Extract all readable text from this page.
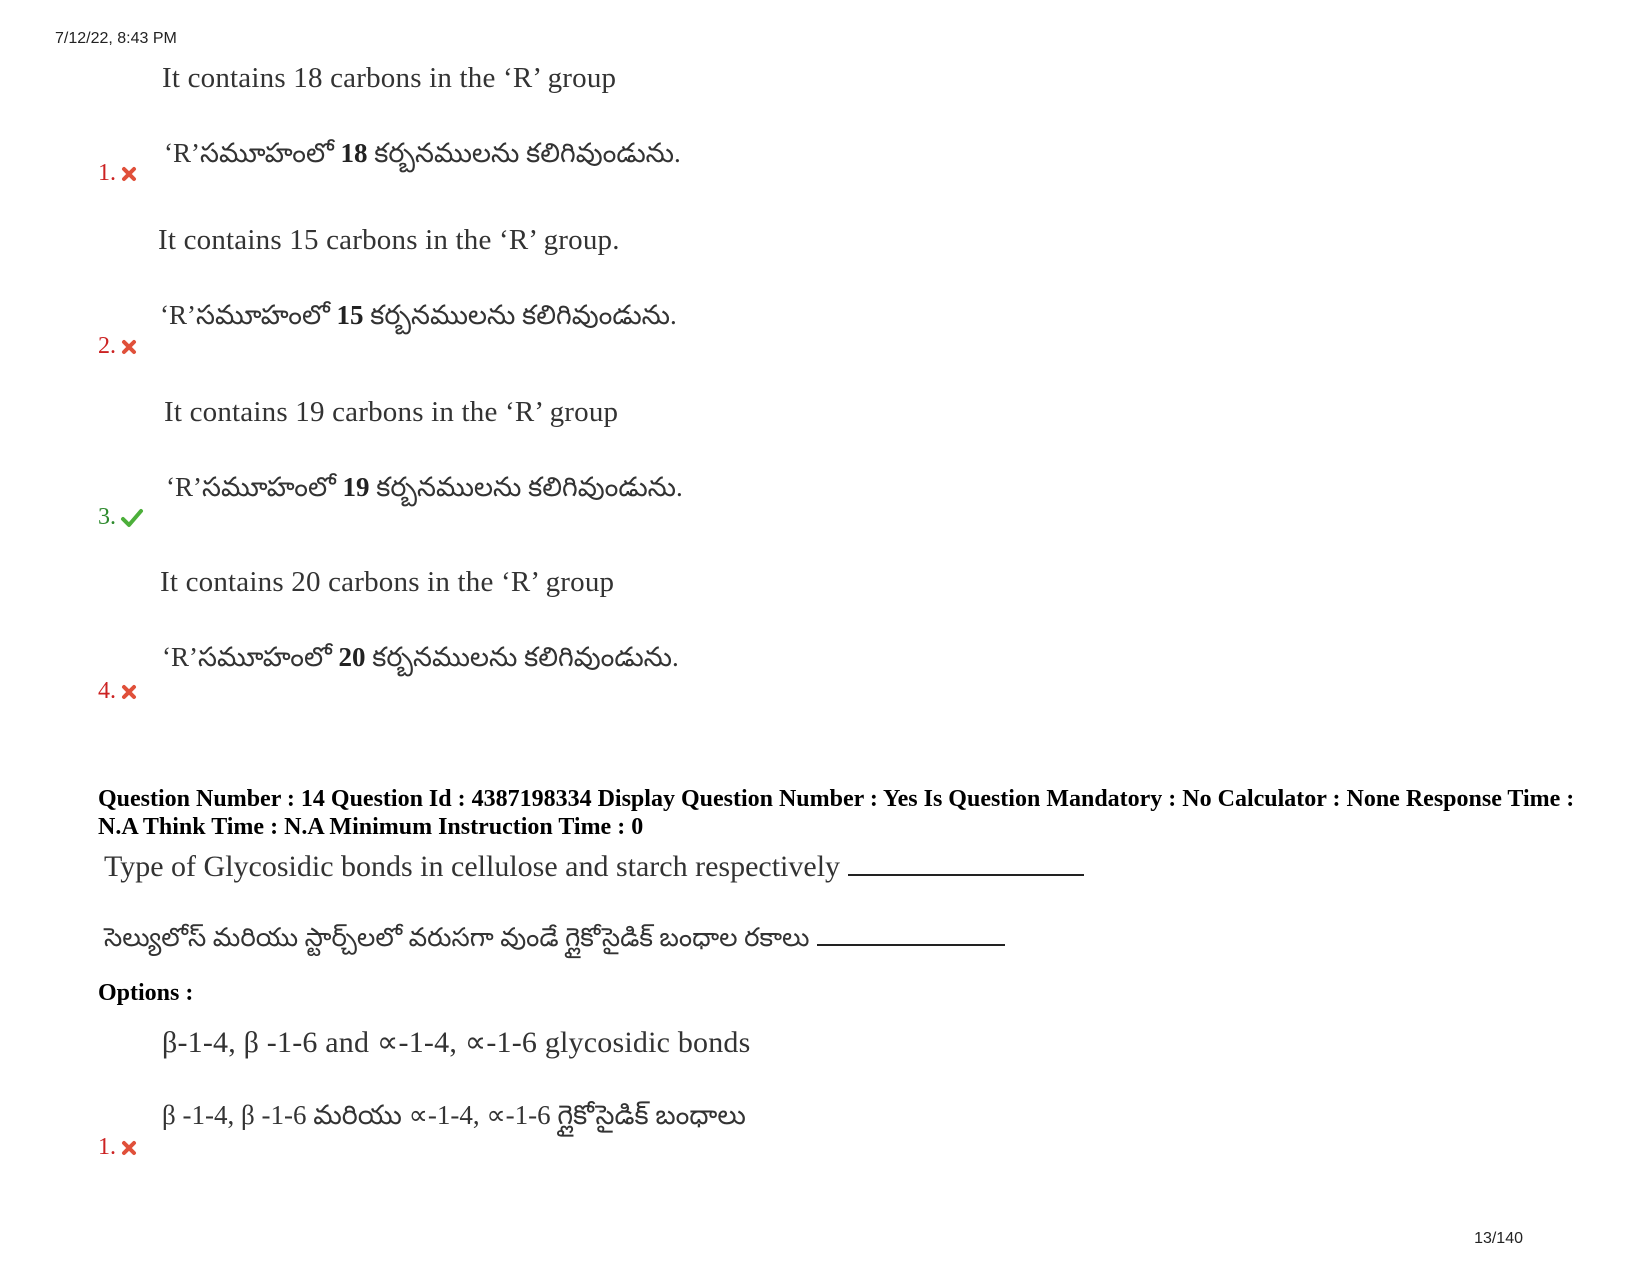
7/12/22, 8:43 PM
It contains 18 carbons in the ‘R’ group
‘R’సమూహంలో 18 కర్బనములను కలిగివుండును.
1.
It contains 15 carbons in the ‘R’ group.
‘R’సమూహంలో 15 కర్బనములను కలిగివుండును.
2.
It contains 19 carbons in the ‘R’ group
‘R’సమూహంలో 19 కర్బనములను కలిగివుండును.
3.
It contains 20 carbons in the ‘R’ group
‘R’సమూహంలో 20 కర్బనములను కలిగివుండును.
4.
Question Number : 14 Question Id : 4387198334 Display Question Number : Yes Is Question Mandatory : No Calculator : None Response Time : N.A Think Time : N.A Minimum Instruction Time : 0
Type of Glycosidic bonds in cellulose and starch respectively
సెల్యులోస్ మరియు స్టార్చ్‌లలో వరుసగా వుండే గ్లైకోసైడిక్ బంధాల రకాలు
Options :
β-1-4, β -1-6 and ∝-1-4, ∝-1-6 glycosidic bonds
β -1-4, β -1-6 మరియు ∝-1-4, ∝-1-6 గ్లైకోసైడిక్ బంధాలు
1.
13/140
